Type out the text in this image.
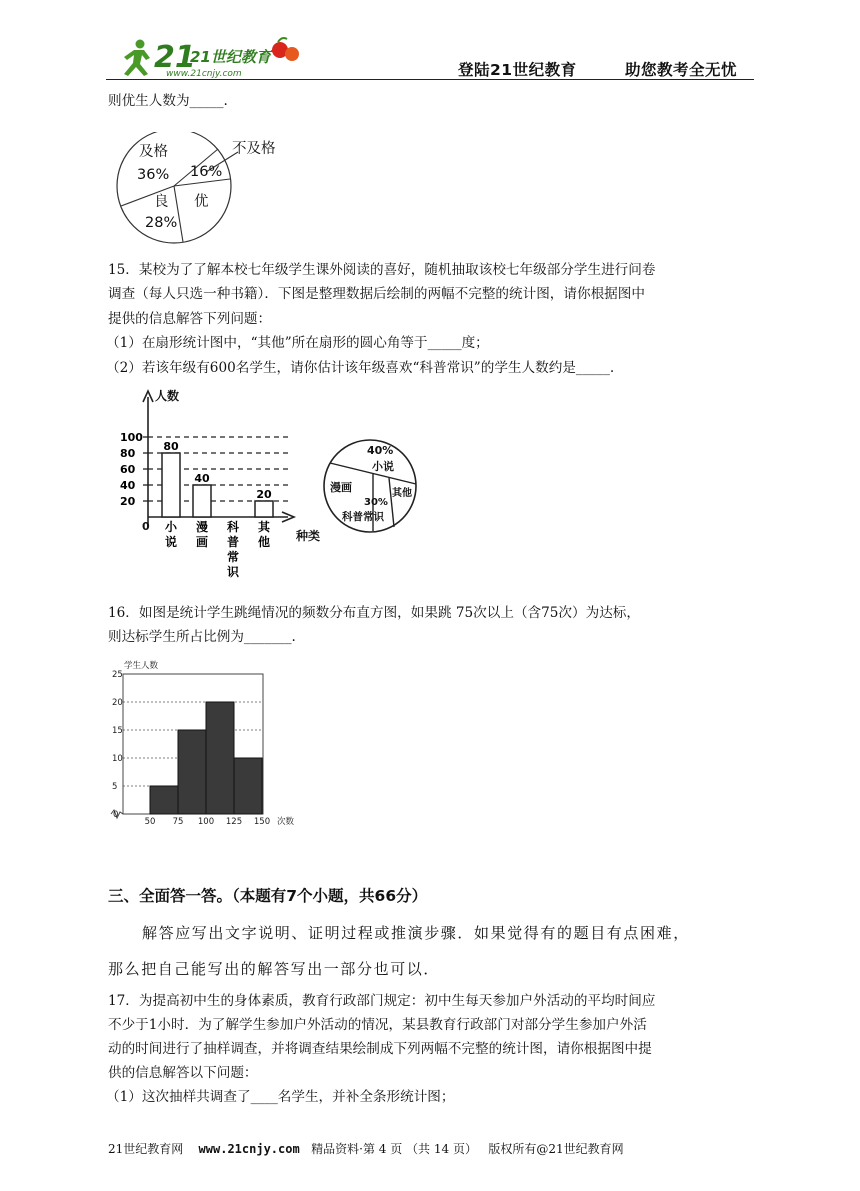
21
21世纪教育
www.21cnjy.com	登陆21世纪教育	助您教考全无忧
则优生人数为_____.
及格
36%
不及格
16%
优
良
28%
15．某校为了了解本校七年级学生课外阅读的喜好，随机抽取该校七年级部分学生进行问卷
调查（每人只选一种书籍）．下图是整理数据后绘制的两幅不完整的统计图，请你根据图中
提供的信息解答下列问题：
（1）在扇形统计图中，“其他”所在扇形的圆心角等于_____度；
（2）若该年级有600名学生，请你估计该年级喜欢“科普常识”的学生人数约是_____.
人数
种类
0
20
40
60
80
100
小说
漫画
科普常识
其他
80
40
20
40%
小说
其他
30%
科普常识
漫画
16．如图是统计学生跳绳情况的频数分布直方图，如果跳 75次以上（含75次）为达标，
则达标学生所占比例为_______.
学生人数
次数
0
5
10
15
20
25
50 75 100 125 150
三、全面答一答。（本题有7个小题，共66分）
解答应写出文字说明、证明过程或推演步骤．如果觉得有的题目有点困难，
那么把自己能写出的解答写出一部分也可以．
17．为提高初中生的身体素质，教育行政部门规定：初中生每天参加户外活动的平均时间应
不少于1小时．为了解学生参加户外活动的情况，某县教育行政部门对部分学生参加户外活
动的时间进行了抽样调查，并将调查结果绘制成下列两幅不完整的统计图，请你根据图中提
供的信息解答以下问题：
（1）这次抽样共调查了____名学生，并补全条形统计图；
21世纪教育网 www.21cnjy.com 精品资料·第 4 页 （共 14 页） 版权所有@21世纪教育网
